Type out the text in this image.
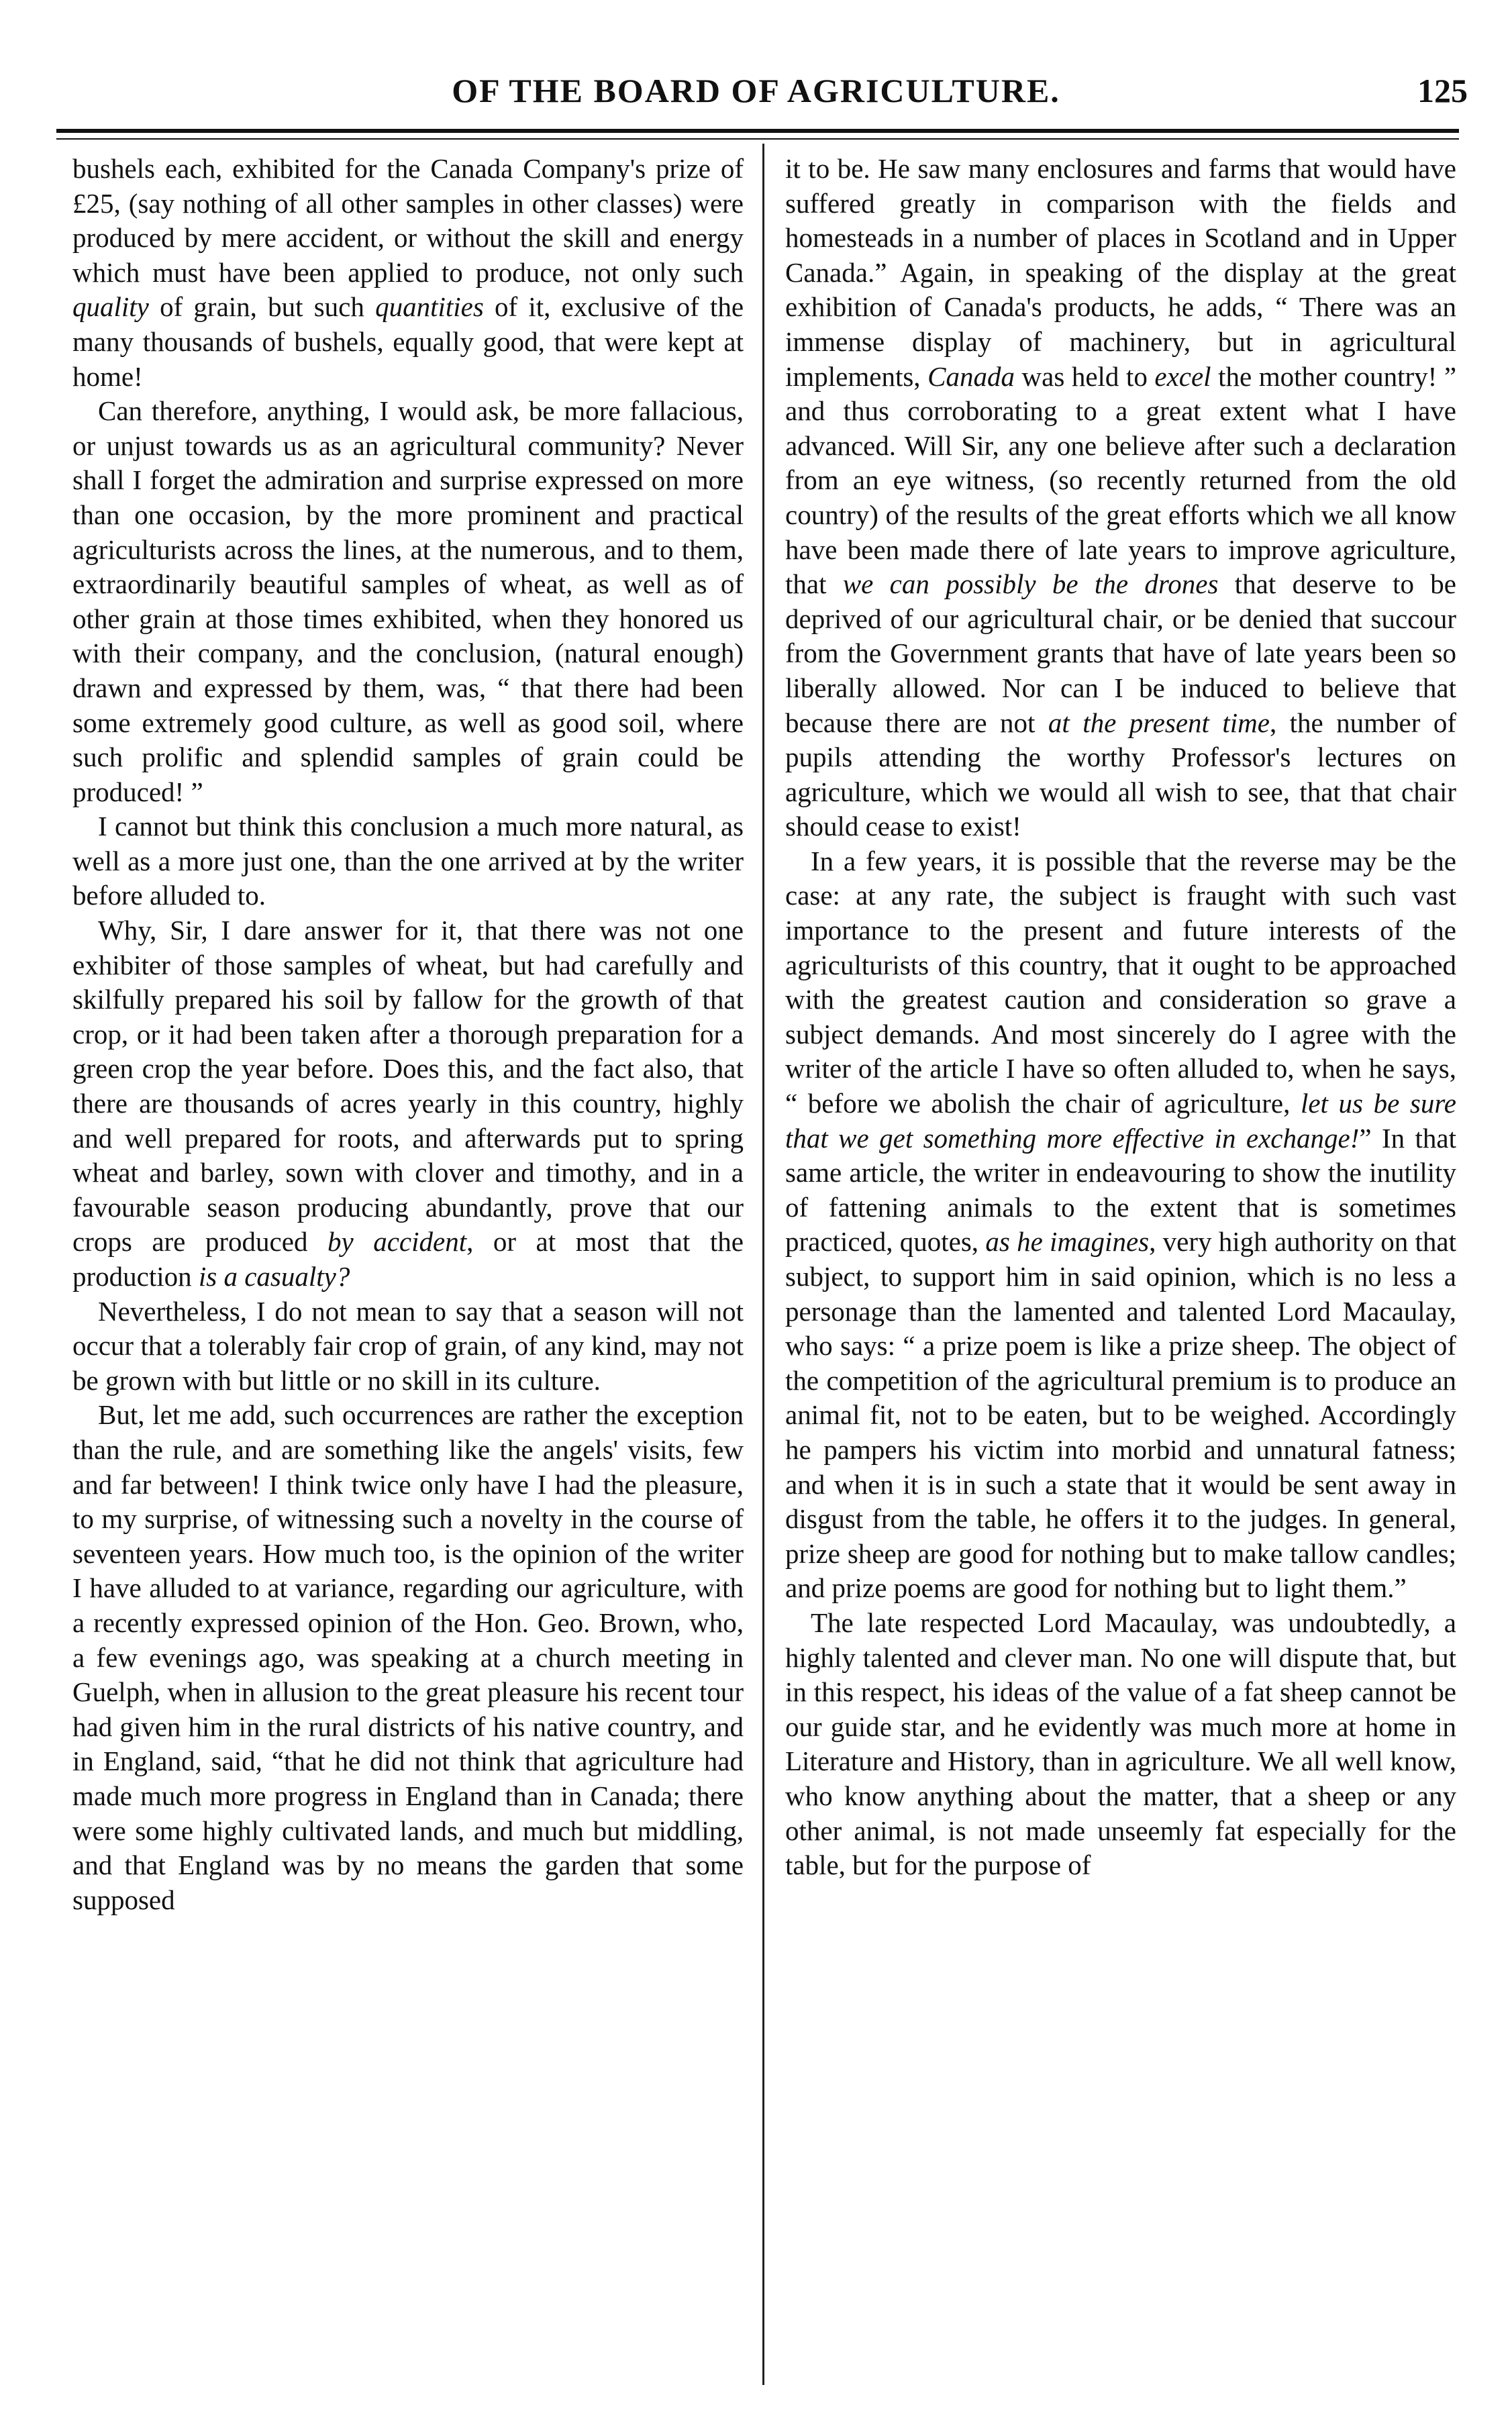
OF THE BOARD OF AGRICULTURE.	125

bushels each, exhibited for the Canada Company's prize of £25, (say nothing of all other samples in other classes) were produced by mere accident, or without the skill and energy which must have been applied to produce, not only such quality of grain, but such quantities of it, exclusive of the many thousands of bushels, equally good, that were kept at home!

Can therefore, anything, I would ask, be more fallacious, or unjust towards us as an agricultural community? Never shall I forget the admiration and surprise expressed on more than one occasion, by the more prominent and practical agriculturists across the lines, at the numerous, and to them, extraordinarily beautiful samples of wheat, as well as of other grain at those times exhibited, when they honored us with their company, and the conclusion, (natural enough) drawn and expressed by them, was, “ that there had been some extremely good culture, as well as good soil, where such prolific and splendid samples of grain could be produced! ”

I cannot but think this conclusion a much more natural, as well as a more just one, than the one arrived at by the writer before alluded to.

Why, Sir, I dare answer for it, that there was not one exhibiter of those samples of wheat, but had carefully and skilfully prepared his soil by fallow for the growth of that crop, or it had been taken after a thorough preparation for a green crop the year before. Does this, and the fact also, that there are thousands of acres yearly in this country, highly and well prepared for roots, and afterwards put to spring wheat and barley, sown with clover and timothy, and in a favourable season producing abundantly, prove that our crops are produced by accident, or at most that the production is a casualty?

Nevertheless, I do not mean to say that a season will not occur that a tolerably fair crop of grain, of any kind, may not be grown with but little or no skill in its culture.

But, let me add, such occurrences are rather the exception than the rule, and are something like the angels' visits, few and far between! I think twice only have I had the pleasure, to my surprise, of witnessing such a novelty in the course of seventeen years. How much too, is the opinion of the writer I have alluded to at variance, regarding our agriculture, with a recently expressed opinion of the Hon. Geo. Brown, who, a few evenings ago, was speaking at a church meeting in Guelph, when in allusion to the great pleasure his recent tour had given him in the rural districts of his native country, and in England, said, “that he did not think that agriculture had made much more progress in England than in Canada; there were some highly cultivated lands, and much but middling, and that England was by no means the garden that some supposed

it to be. He saw many enclosures and farms that would have suffered greatly in comparison with the fields and homesteads in a number of places in Scotland and in Upper Canada.” Again, in speaking of the display at the great exhibition of Canada's products, he adds, “ There was an immense display of machinery, but in agricultural implements, Canada was held to excel the mother country! ” and thus corroborating to a great extent what I have advanced. Will Sir, any one believe after such a declaration from an eye witness, (so recently returned from the old country) of the results of the great efforts which we all know have been made there of late years to improve agriculture, that we can possibly be the drones that deserve to be deprived of our agricultural chair, or be denied that succour from the Government grants that have of late years been so liberally allowed. Nor can I be induced to believe that because there are not at the present time, the number of pupils attending the worthy Professor's lectures on agriculture, which we would all wish to see, that that chair should cease to exist!

In a few years, it is possible that the reverse may be the case: at any rate, the subject is fraught with such vast importance to the present and future interests of the agriculturists of this country, that it ought to be approached with the greatest caution and consideration so grave a subject demands. And most sincerely do I agree with the writer of the article I have so often alluded to, when he says, “ before we abolish the chair of agriculture, let us be sure that we get something more effective in exchange!” In that same article, the writer in endeavouring to show the inutility of fattening animals to the extent that is sometimes practiced, quotes, as he imagines, very high authority on that subject, to support him in said opinion, which is no less a personage than the lamented and talented Lord Macaulay, who says: “ a prize poem is like a prize sheep. The object of the competition of the agricultural premium is to produce an animal fit, not to be eaten, but to be weighed. Accordingly he pampers his victim into morbid and unnatural fatness; and when it is in such a state that it would be sent away in disgust from the table, he offers it to the judges. In general, prize sheep are good for nothing but to make tallow candles; and prize poems are good for nothing but to light them.”

The late respected Lord Macaulay, was undoubtedly, a highly talented and clever man. No one will dispute that, but in this respect, his ideas of the value of a fat sheep cannot be our guide star, and he evidently was much more at home in Literature and History, than in agriculture. We all well know, who know anything about the matter, that a sheep or any other animal, is not made unseemly fat especially for the table, but for the purpose of
